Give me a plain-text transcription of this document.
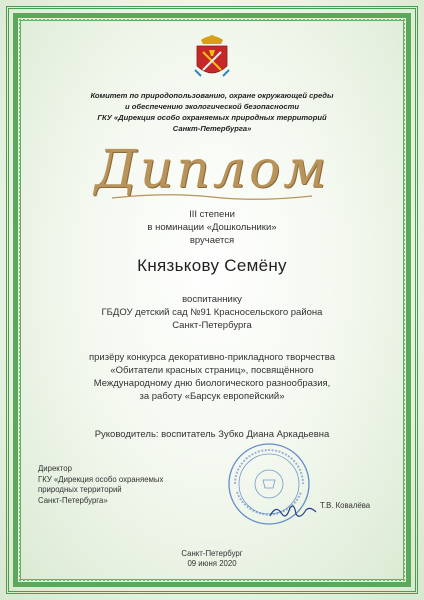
Комитет по природопользованию, охране окружающей среды
и обеспечению экологической безопасности
ГКУ «Дирекция особо охраняемых природных территорий
Санкт-Петербурга»
Диплом
III степени
в номинации «Дошкольники»
вручается
Князькову Семёну
воспитаннику
ГБДОУ детский сад №91 Красносельского района
Санкт-Петербурга
призёру конкурса декоративно-прикладного творчества
«Обитатели красных страниц», посвящённого
Международному дню биологического разнообразия,
за работу «Барсук европейский»
Руководитель: воспитатель Зубко Диана Аркадьевна
Директор
ГКУ «Дирекция особо охраняемых
природных территорий
Санкт-Петербурга»
Т.В. Ковалёва
Санкт-Петербург
09 июня 2020
